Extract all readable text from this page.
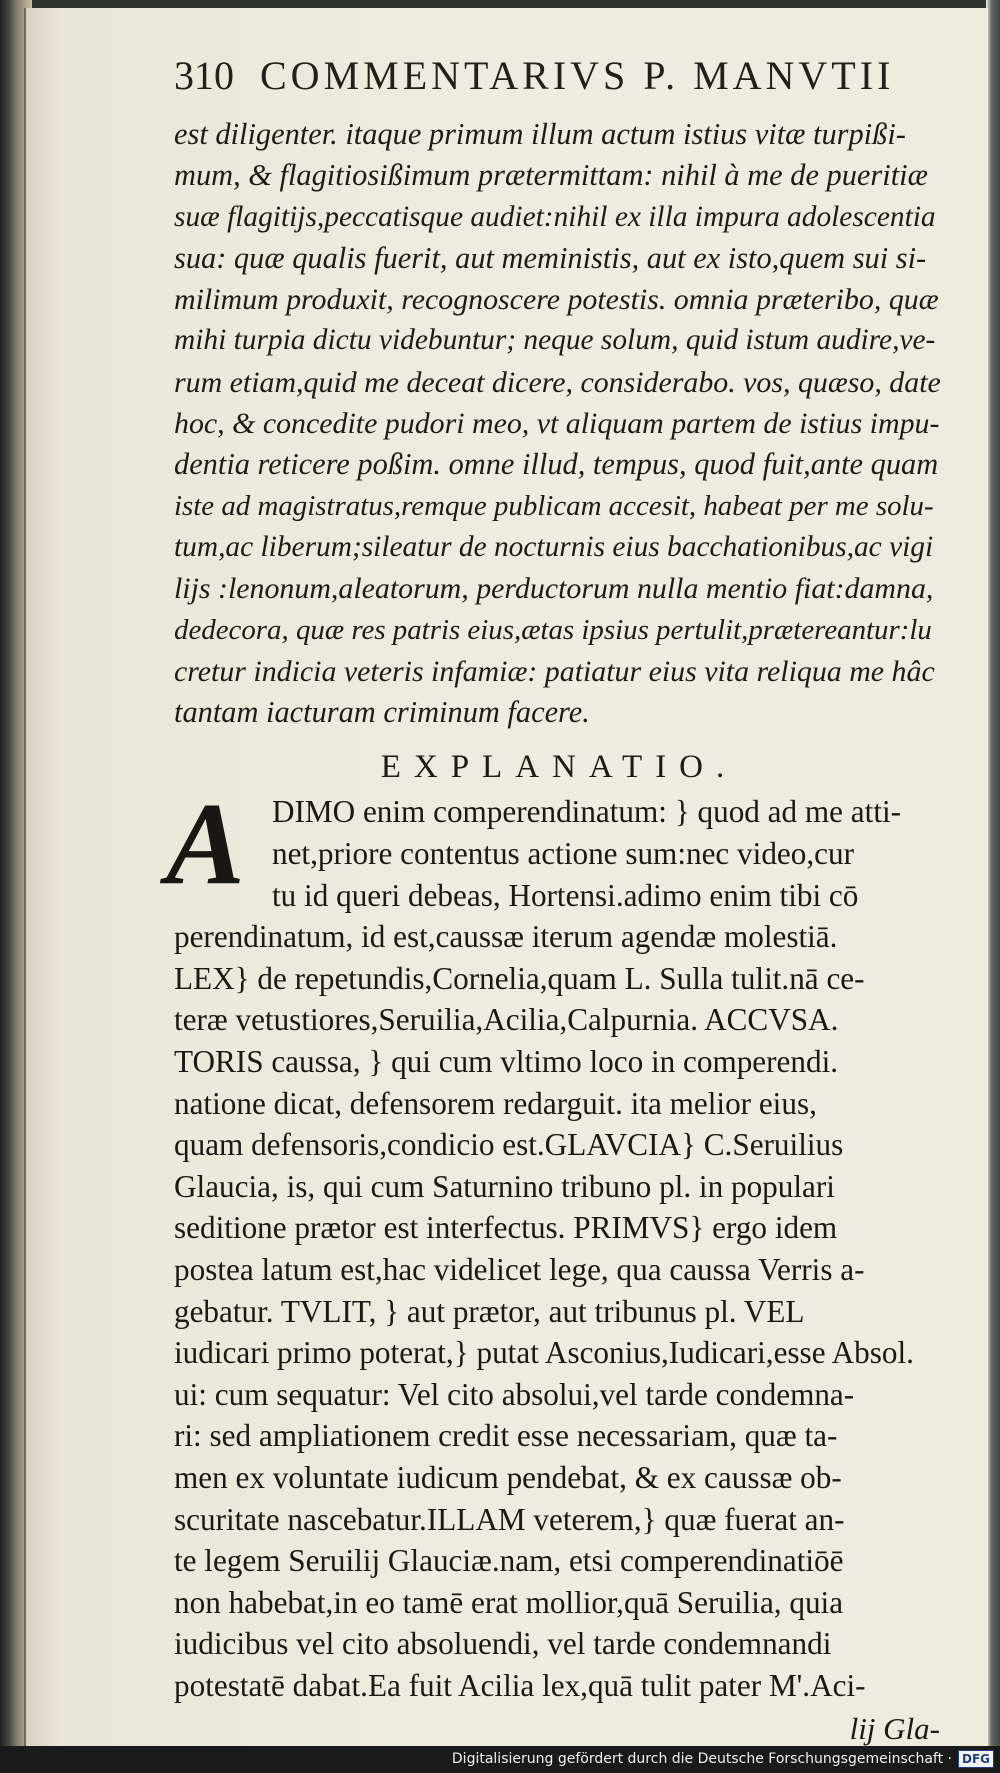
310 COMMENTARIVS P. MANVTII
est diligenter. itaque primum illum actum istius vitæ turpißi-
mum, & flagitiosißimum prætermittam: nihil à me de pueritiæ
suæ flagitijs,peccatisque audiet:nihil ex illa impura adolescentia
sua: quæ qualis fuerit, aut meministis, aut ex isto,quem sui si-
milimum produxit, recognoscere potestis. omnia præteribo, quæ
mihi turpia dictu videbuntur; neque solum, quid istum audire,ve-
rum etiam,quid me deceat dicere, considerabo. vos, quæso, date
hoc, & concedite pudori meo, vt aliquam partem de istius impu-
dentia reticere poßim. omne illud, tempus, quod fuit,ante quam
iste ad magistratus,remque publicam accesit, habeat per me solu-
tum,ac liberum;sileatur de nocturnis eius bacchationibus,ac vigi
lijs :lenonum,aleatorum, perductorum nulla mentio fiat:damna,
dedecora, quæ res patris eius,ætas ipsius pertulit,prætereantur:lu
cretur indicia veteris infamiæ: patiatur eius vita reliqua me hâc
tantam iacturam criminum facere.
EXPLANATIO.
A DIMO enim comperendinatum: } quod ad me atti-
net,priore contentus actione sum:nec video,cur
tu id queri debeas, Hortensi.adimo enim tibi cō
perendinatum, id est,caussæ iterum agendæ molestiā.
LEX} de repetundis,Cornelia,quam L. Sulla tulit.nā ce-
teræ vetustiores,Seruilia,Acilia,Calpurnia. ACCVSA.
TORIS caussa, } qui cum vltimo loco in comperendi.
natione dicat, defensorem redarguit. ita melior eius,
quam defensoris,condicio est.GLAVCIA} C.Seruilius
Glaucia, is, qui cum Saturnino tribuno pl. in populari
seditione prætor est interfectus. PRIMVS} ergo idem
postea latum est,hac videlicet lege, qua caussa Verris a-
gebatur. TVLIT, } aut prætor, aut tribunus pl. VEL
iudicari primo poterat,} putat Asconius,Iudicari,esse Absol.
ui: cum sequatur: Vel cito absolui,vel tarde condemna-
ri: sed ampliationem credit esse necessariam, quæ ta-
men ex voluntate iudicum pendebat, & ex caussæ ob-
scuritate nascebatur.ILLAM veterem,} quæ fuerat an-
te legem Seruilij Glauciæ.nam, etsi comperendinatiōē
non habebat,in eo tamē erat mollior,quā Seruilia, quia
iudicibus vel cito absoluendi, vel tarde condemnandi
potestatē dabat.Ea fuit Acilia lex,quā tulit pater M'.Aci-
lij Gla-
Digitalisierung gefördert durch die Deutsche Forschungsgemeinschaft · DFG
